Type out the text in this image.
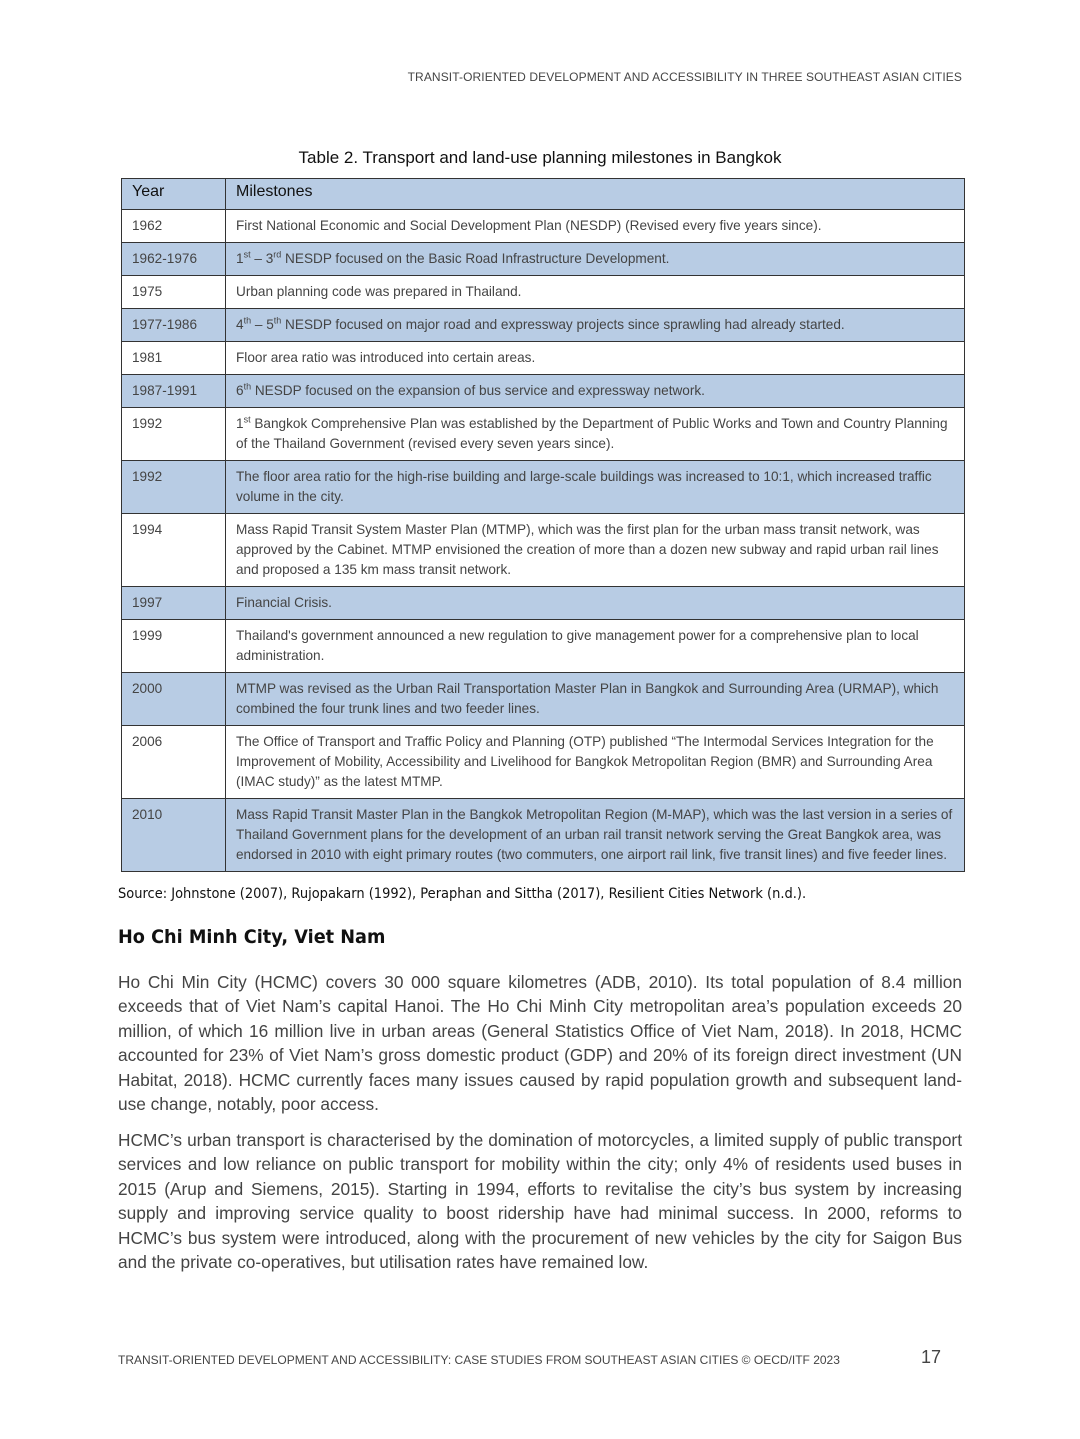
TRANSIT-ORIENTED DEVELOPMENT AND ACCESSIBILITY IN THREE SOUTHEAST ASIAN CITIES
Table 2. Transport and land-use planning milestones in Bangkok
Year	Milestones
1962	First National Economic and Social Development Plan (NESDP) (Revised every five years since).
1962-1976	1st – 3rd NESDP focused on the Basic Road Infrastructure Development.
1975	Urban planning code was prepared in Thailand.
1977-1986	4th – 5th NESDP focused on major road and expressway projects since sprawling had already started.
1981	Floor area ratio was introduced into certain areas.
1987-1991	6th NESDP focused on the expansion of bus service and expressway network.
1992	1st Bangkok Comprehensive Plan was established by the Department of Public Works and Town and Country Planning of the Thailand Government (revised every seven years since).
1992	The floor area ratio for the high-rise building and large-scale buildings was increased to 10:1, which increased traffic volume in the city.
1994	Mass Rapid Transit System Master Plan (MTMP), which was the first plan for the urban mass transit network, was approved by the Cabinet. MTMP envisioned the creation of more than a dozen new subway and rapid urban rail lines and proposed a 135 km mass transit network.
1997	Financial Crisis.
1999	Thailand's government announced a new regulation to give management power for a comprehensive plan to local administration.
2000	MTMP was revised as the Urban Rail Transportation Master Plan in Bangkok and Surrounding Area (URMAP), which combined the four trunk lines and two feeder lines.
2006	The Office of Transport and Traffic Policy and Planning (OTP) published “The Intermodal Services Integration for the Improvement of Mobility, Accessibility and Livelihood for Bangkok Metropolitan Region (BMR) and Surrounding Area (IMAC study)” as the latest MTMP.
2010	Mass Rapid Transit Master Plan in the Bangkok Metropolitan Region (M-MAP), which was the last version in a series of Thailand Government plans for the development of an urban rail transit network serving the Great Bangkok area, was endorsed in 2010 with eight primary routes (two commuters, one airport rail link, five transit lines) and five feeder lines.
Source: Johnstone (2007), Rujopakarn (1992), Peraphan and Sittha (2017), Resilient Cities Network (n.d.).
Ho Chi Minh City, Viet Nam

Ho Chi Min City (HCMC) covers 30 000 square kilometres (ADB, 2010). Its total population of 8.4 million exceeds that of Viet Nam’s capital Hanoi. The Ho Chi Minh City metropolitan area’s population exceeds 20 million, of which 16 million live in urban areas (General Statistics Office of Viet Nam, 2018). In 2018, HCMC accounted for 23% of Viet Nam’s gross domestic product (GDP) and 20% of its foreign direct investment (UN Habitat, 2018). HCMC currently faces many issues caused by rapid population growth and subsequent land-use change, notably, poor access.

HCMC’s urban transport is characterised by the domination of motorcycles, a limited supply of public transport services and low reliance on public transport for mobility within the city; only 4% of residents used buses in 2015 (Arup and Siemens, 2015). Starting in 1994, efforts to revitalise the city’s bus system by increasing supply and improving service quality to boost ridership have had minimal success. In 2000, reforms to HCMC’s bus system were introduced, along with the procurement of new vehicles by the city for Saigon Bus and the private co-operatives, but utilisation rates have remained low.

TRANSIT-ORIENTED DEVELOPMENT AND ACCESSIBILITY: CASE STUDIES FROM SOUTHEAST ASIAN CITIES © OECD/ITF 2023	17
